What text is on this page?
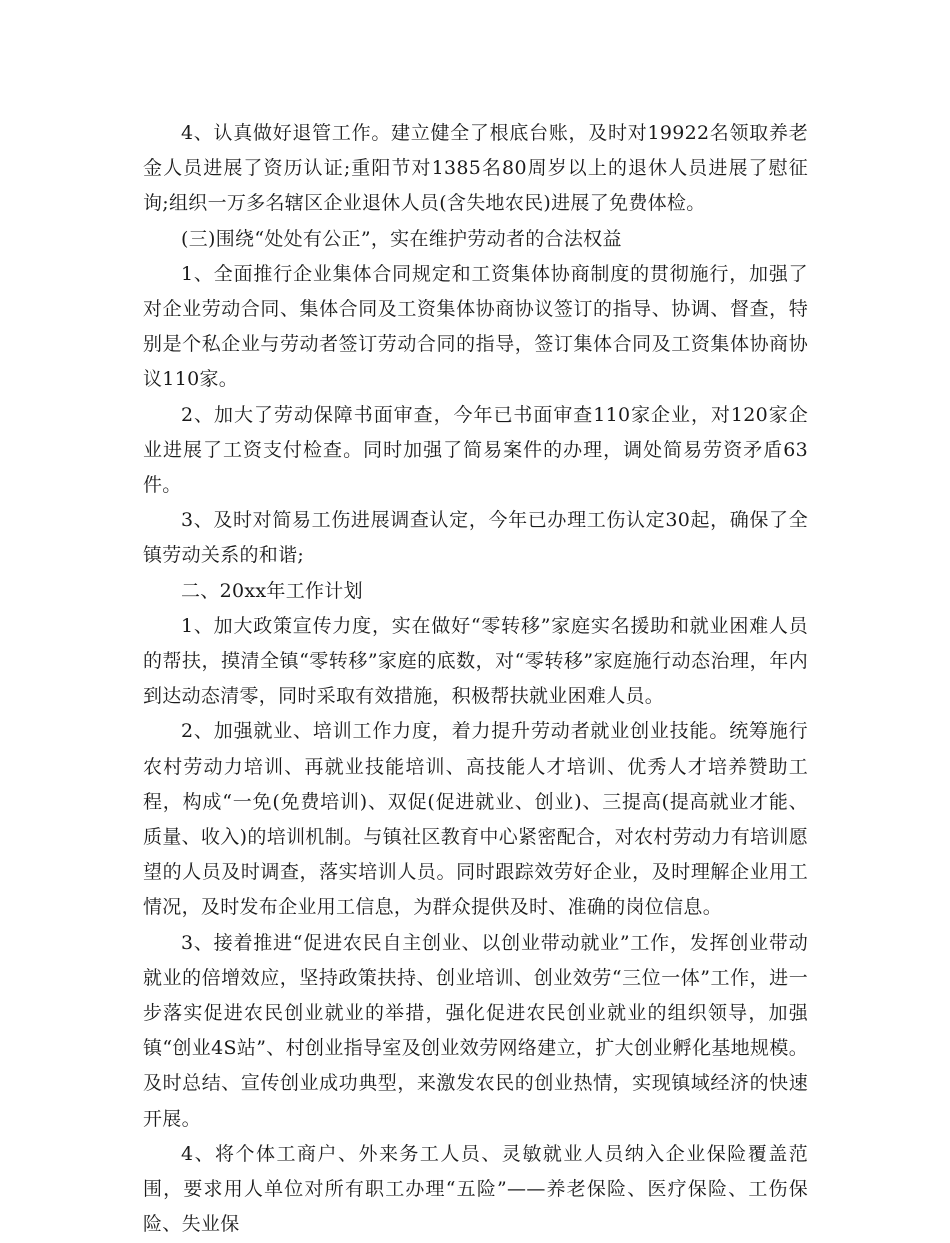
4、认真做好退管工作。建立健全了根底台账，及时对19922名领取养老金人员进展了资历认证;重阳节对1385名80周岁以上的退休人员进展了慰征询;组织一万多名辖区企业退休人员(含失地农民)进展了免费体检。

(三)围绕“处处有公正”，实在维护劳动者的合法权益

1、全面推行企业集体合同规定和工资集体协商制度的贯彻施行，加强了对企业劳动合同、集体合同及工资集体协商协议签订的指导、协调、督查，特别是个私企业与劳动者签订劳动合同的指导，签订集体合同及工资集体协商协议110家。

2、加大了劳动保障书面审查，今年已书面审查110家企业，对120家企业进展了工资支付检查。同时加强了简易案件的办理，调处简易劳资矛盾63件。

3、及时对简易工伤进展调查认定，今年已办理工伤认定30起，确保了全镇劳动关系的和谐;

二、20xx年工作计划

1、加大政策宣传力度，实在做好“零转移”家庭实名援助和就业困难人员的帮扶，摸清全镇“零转移”家庭的底数，对“零转移”家庭施行动态治理，年内到达动态清零，同时采取有效措施，积极帮扶就业困难人员。

2、加强就业、培训工作力度，着力提升劳动者就业创业技能。统筹施行农村劳动力培训、再就业技能培训、高技能人才培训、优秀人才培养赞助工程，构成“一免(免费培训)、双促(促进就业、创业)、三提高(提高就业才能、质量、收入)的培训机制。与镇社区教育中心紧密配合，对农村劳动力有培训愿望的人员及时调查，落实培训人员。同时跟踪效劳好企业，及时理解企业用工情况，及时发布企业用工信息，为群众提供及时、准确的岗位信息。

3、接着推进“促进农民自主创业、以创业带动就业”工作，发挥创业带动就业的倍增效应，坚持政策扶持、创业培训、创业效劳“三位一体”工作，进一步落实促进农民创业就业的举措，强化促进农民创业就业的组织领导，加强镇“创业4S站”、村创业指导室及创业效劳网络建立，扩大创业孵化基地规模。及时总结、宣传创业成功典型，来激发农民的创业热情，实现镇域经济的快速开展。

4、将个体工商户、外来务工人员、灵敏就业人员纳入企业保险覆盖范围，要求用人单位对所有职工办理“五险”——养老保险、医疗保险、工伤保险、失业保
